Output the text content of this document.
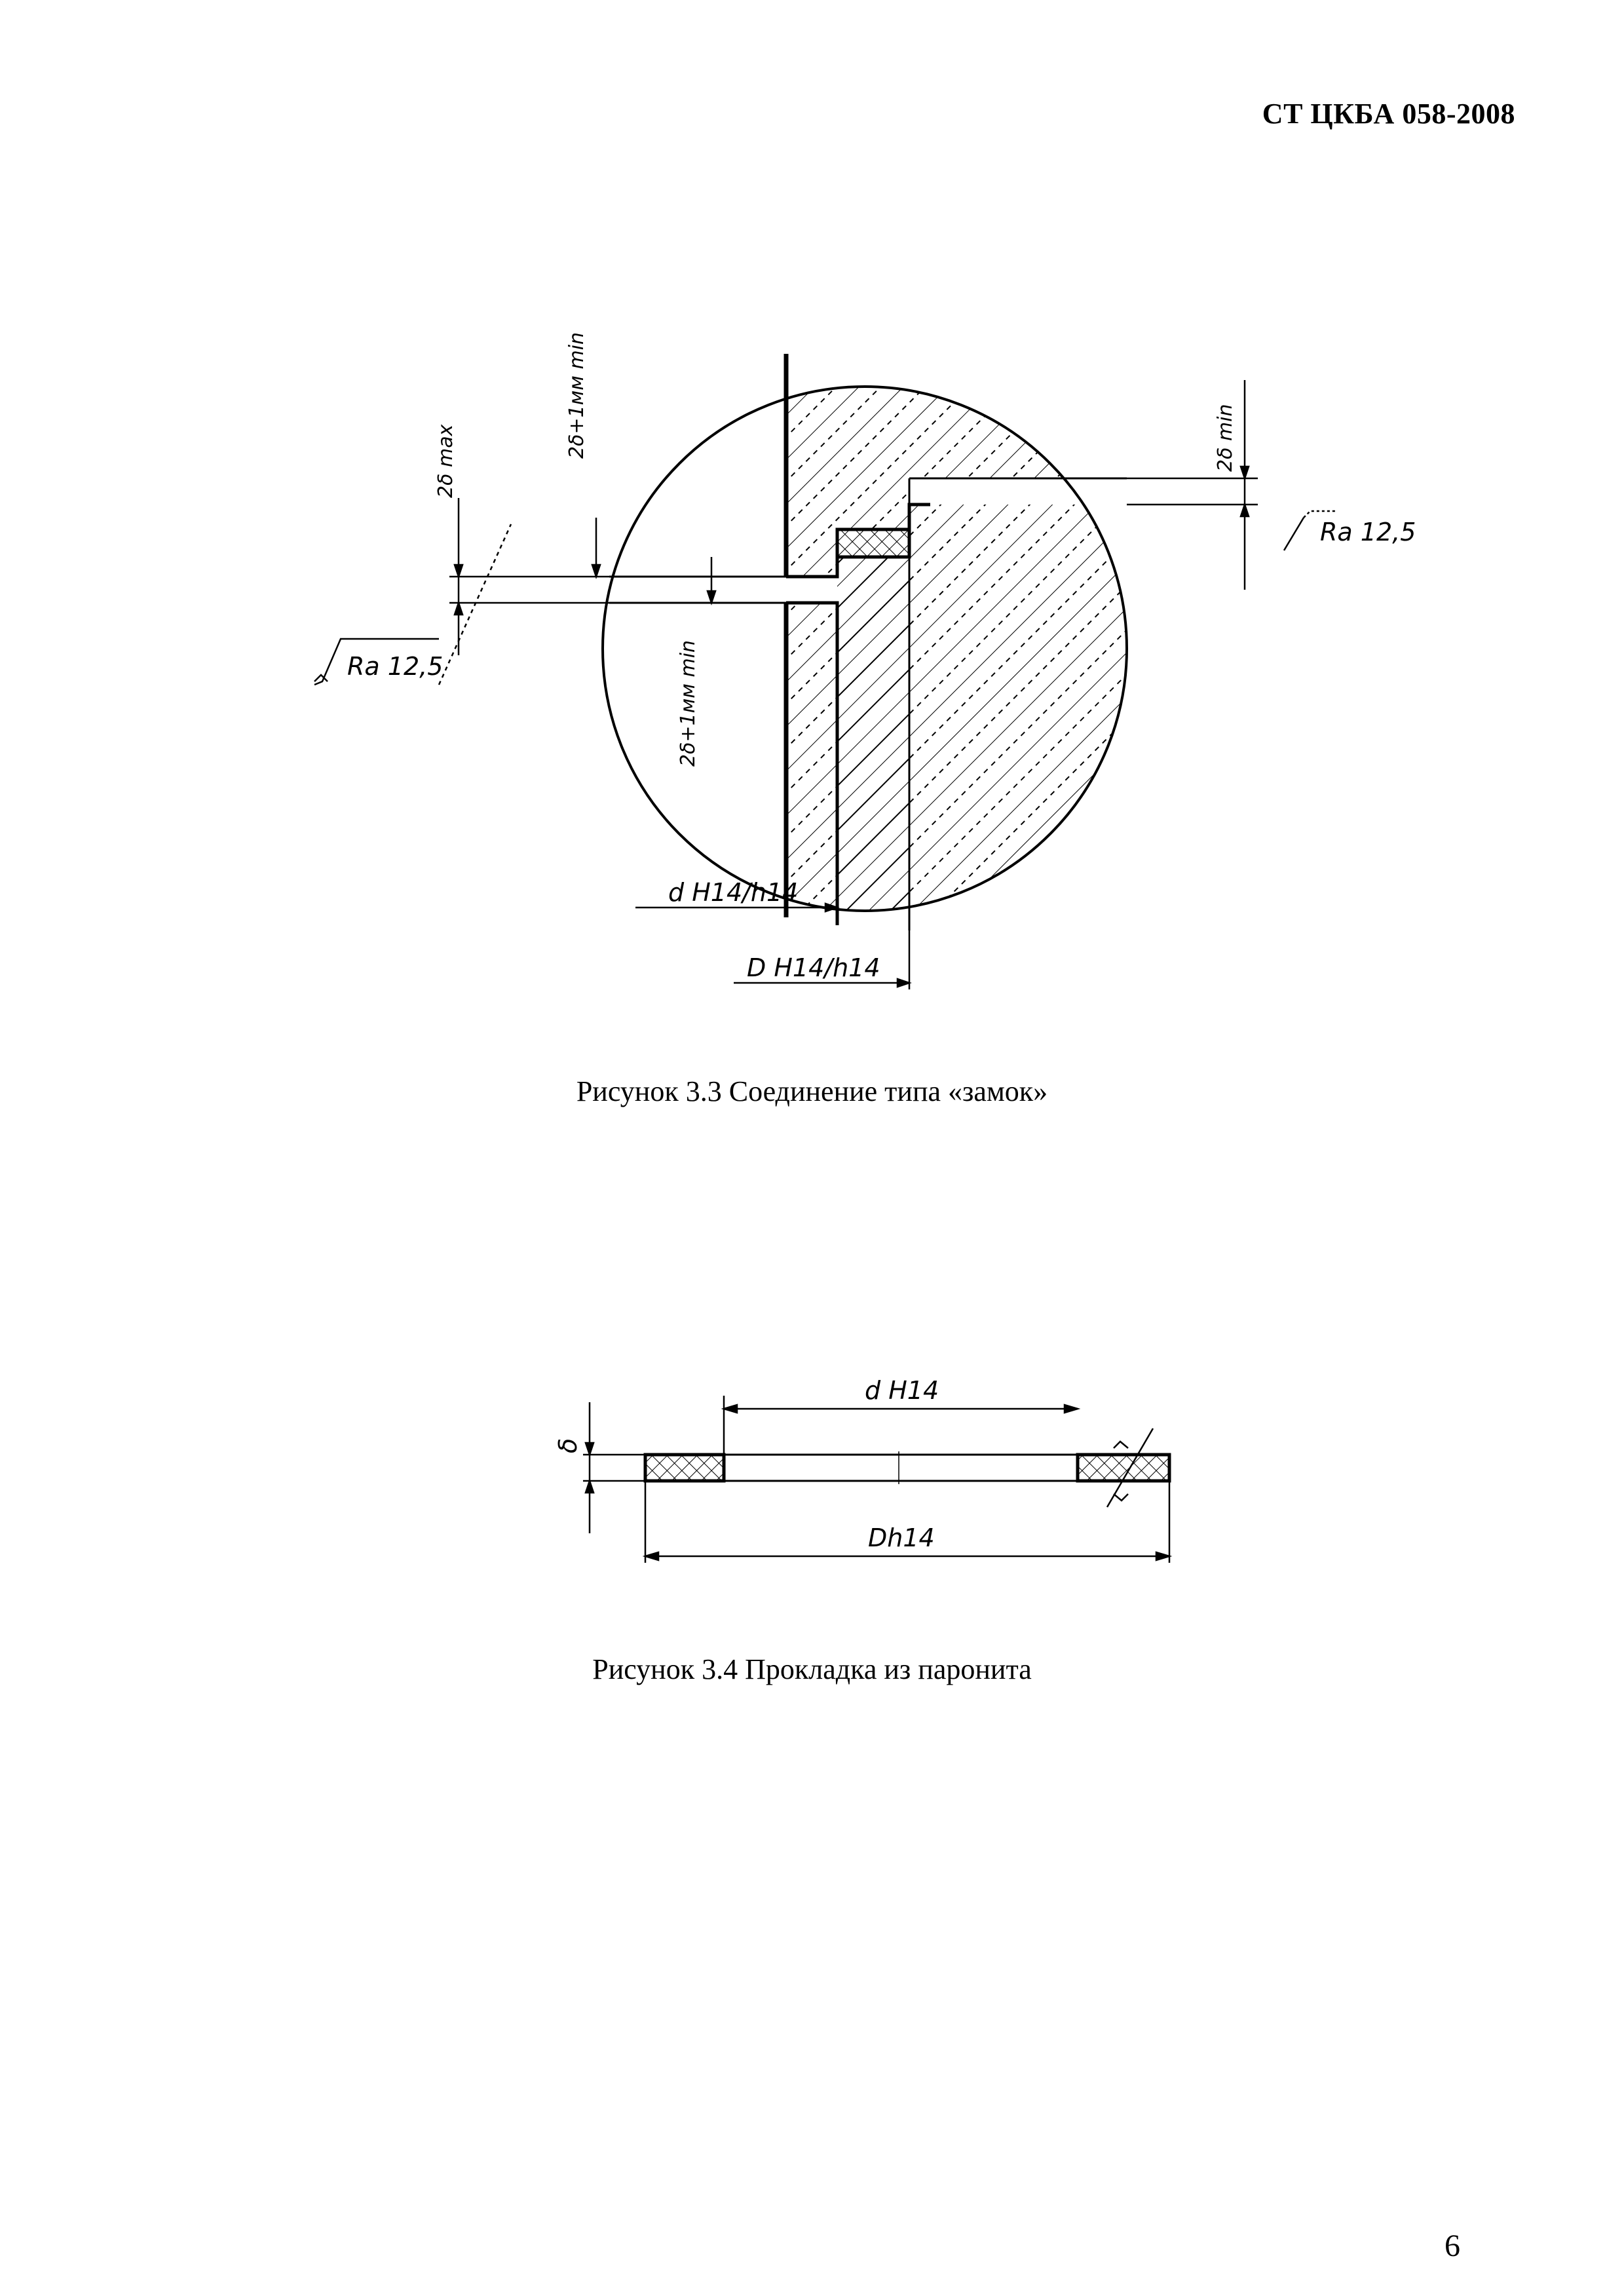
СТ ЦКБА 058-2008
Ra 12,5
Ra 12,5
2δ max
2δ+1мм min
2δ+1мм min
2δ min
d H14/h14
D H14/h14
Рисунок 3.3 Соединение типа «замок»
δ
d H14
Dh14
Рисунок 3.4 Прокладка из паронита
6
